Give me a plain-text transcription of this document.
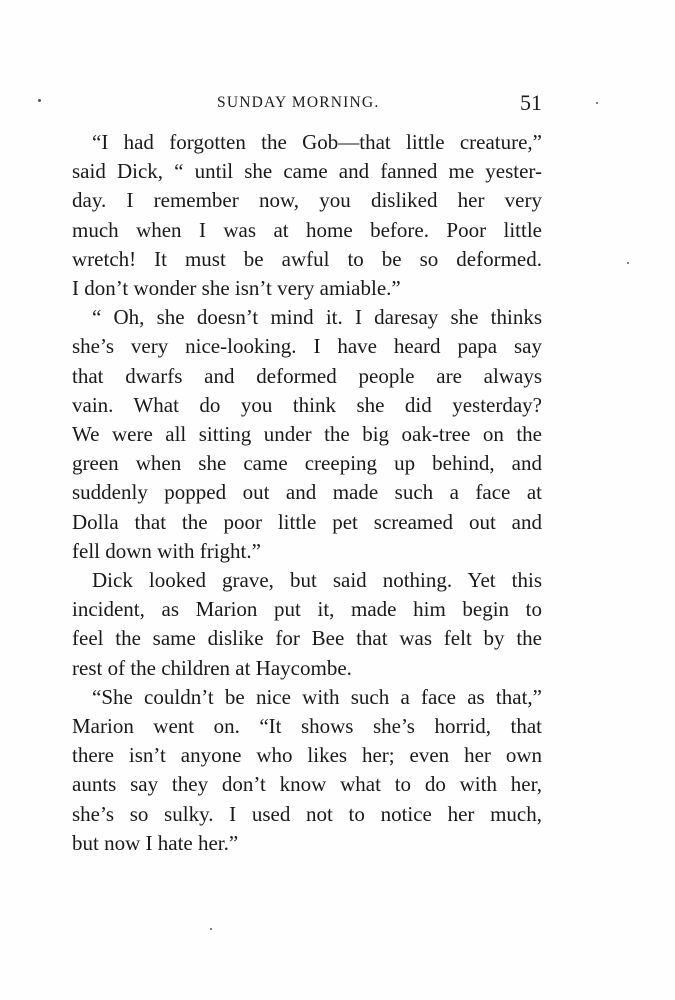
SUNDAY MORNING.	51

“I had forgotten the Gob—that little creature,”
said Dick, “ until she came and fanned me yester-
day. I remember now, you disliked her very
much when I was at home before. Poor little
wretch! It must be awful to be so deformed.
I don’t wonder she isn’t very amiable.”

“ Oh, she doesn’t mind it. I daresay she thinks
she’s very nice-looking. I have heard papa say
that dwarfs and deformed people are always
vain. What do you think she did yesterday?
We were all sitting under the big oak-tree on the
green when she came creeping up behind, and
suddenly popped out and made such a face at
Dolla that the poor little pet screamed out and
fell down with fright.”

Dick looked grave, but said nothing. Yet this
incident, as Marion put it, made him begin to
feel the same dislike for Bee that was felt by the
rest of the children at Haycombe.

“She couldn’t be nice with such a face as that,”
Marion went on. “It shows she’s horrid, that
there isn’t anyone who likes her; even her own
aunts say they don’t know what to do with her,
she’s so sulky. I used not to notice her much,
but now I hate her.”
